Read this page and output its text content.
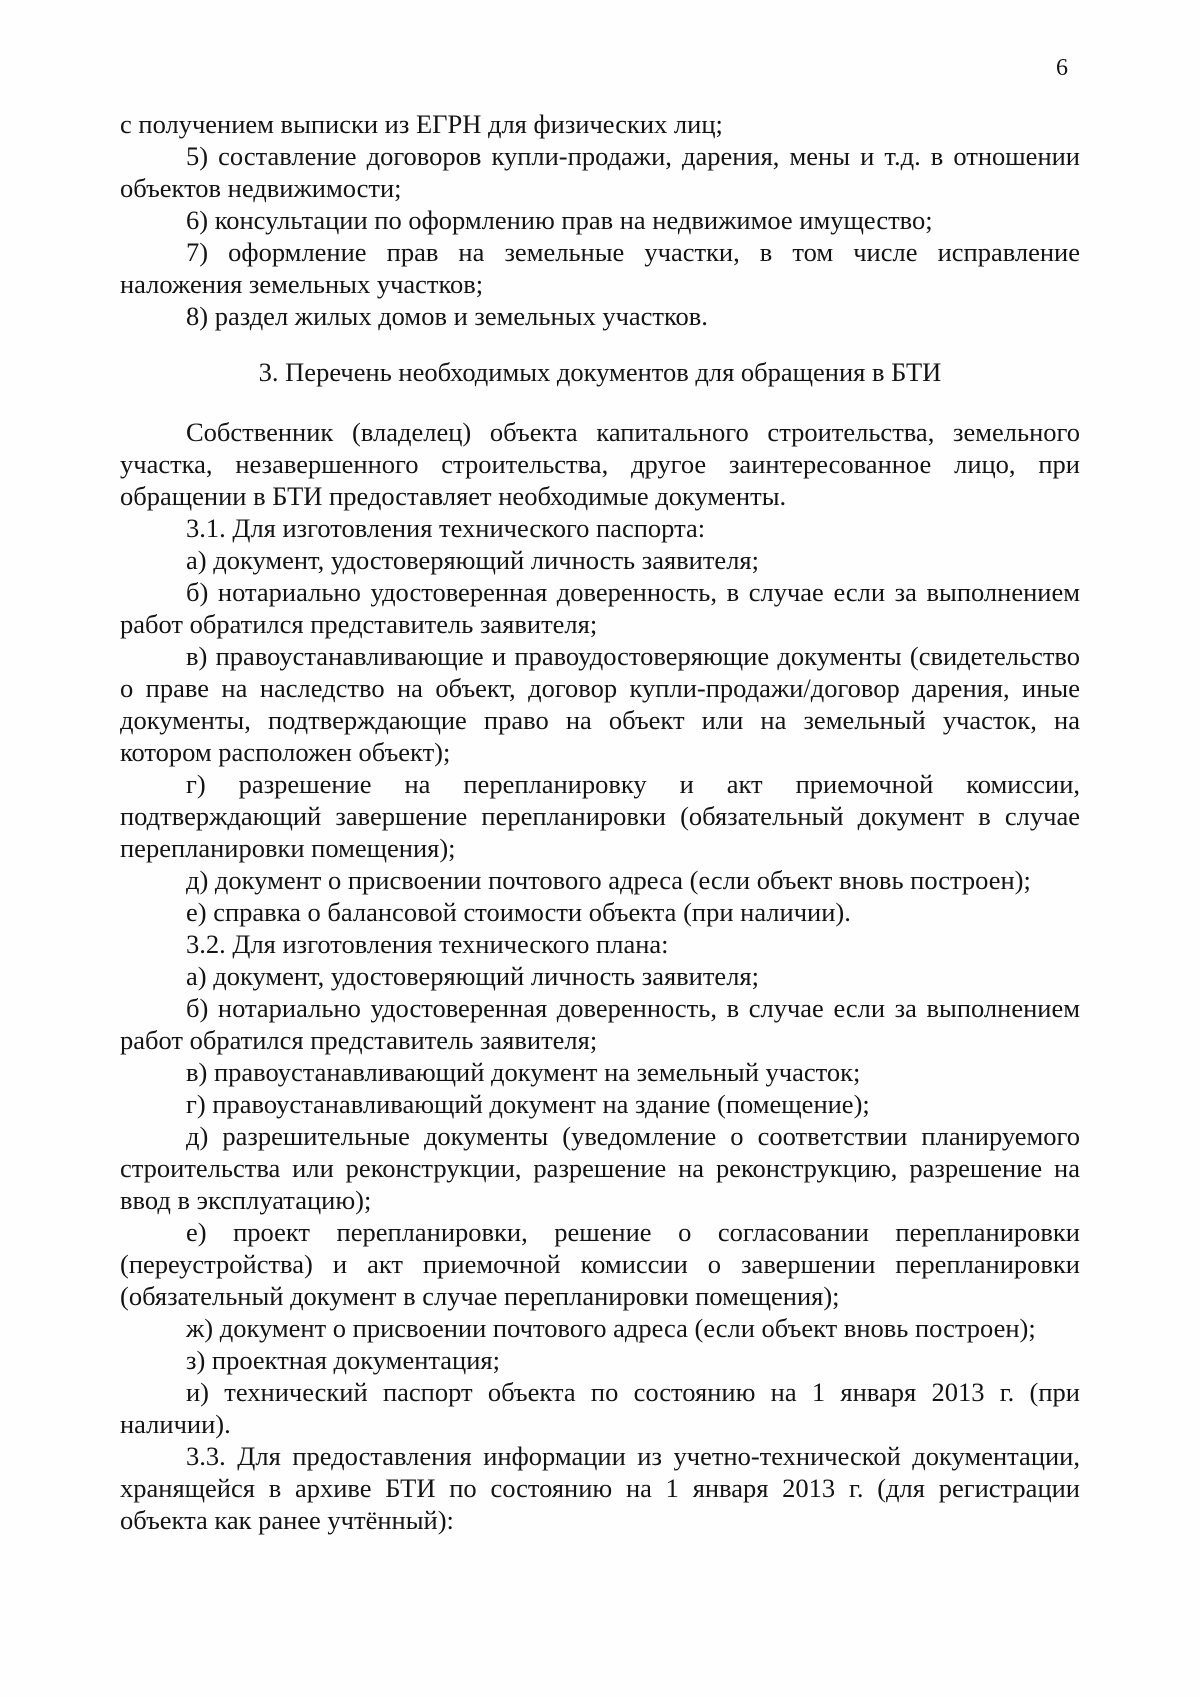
6

с получением выписки из ЕГРН для физических лиц;

5) составление договоров купли-продажи, дарения, мены и т.д. в отношении объектов недвижимости;

6) консультации по оформлению прав на недвижимое имущество;

7) оформление прав на земельные участки, в том числе исправление наложения земельных участков;

8) раздел жилых домов и земельных участков.

3. Перечень необходимых документов для обращения в БТИ

Собственник (владелец) объекта капитального строительства, земельного участка, незавершенного строительства, другое заинтересованное лицо, при обращении в БТИ предоставляет необходимые документы.

3.1. Для изготовления технического паспорта:

а) документ, удостоверяющий личность заявителя;

б) нотариально удостоверенная доверенность, в случае если за выполнением работ обратился представитель заявителя;

в) правоустанавливающие и правоудостоверяющие документы (свидетельство о праве на наследство на объект, договор купли-продажи/договор дарения, иные документы, подтверждающие право на объект или на земельный участок, на котором расположен объект);

г) разрешение на перепланировку и акт приемочной комиссии, подтверждающий завершение перепланировки (обязательный документ в случае перепланировки помещения);

д) документ о присвоении почтового адреса (если объект вновь построен);

е) справка о балансовой стоимости объекта (при наличии).

3.2. Для изготовления технического плана:

а) документ, удостоверяющий личность заявителя;

б) нотариально удостоверенная доверенность, в случае если за выполнением работ обратился представитель заявителя;

в) правоустанавливающий документ на земельный участок;

г) правоустанавливающий документ на здание (помещение);

д) разрешительные документы (уведомление о соответствии планируемого строительства или реконструкции, разрешение на реконструкцию, разрешение на ввод в эксплуатацию);

е) проект перепланировки, решение о согласовании перепланировки (переустройства) и акт приемочной комиссии о завершении перепланировки (обязательный документ в случае перепланировки помещения);

ж) документ о присвоении почтового адреса (если объект вновь построен);

з) проектная документация;

и) технический паспорт объекта по состоянию на 1 января 2013 г. (при наличии).

3.3. Для предоставления информации из учетно-технической документации, хранящейся в архиве БТИ по состоянию на 1 января 2013 г. (для регистрации объекта как ранее учтённый):
